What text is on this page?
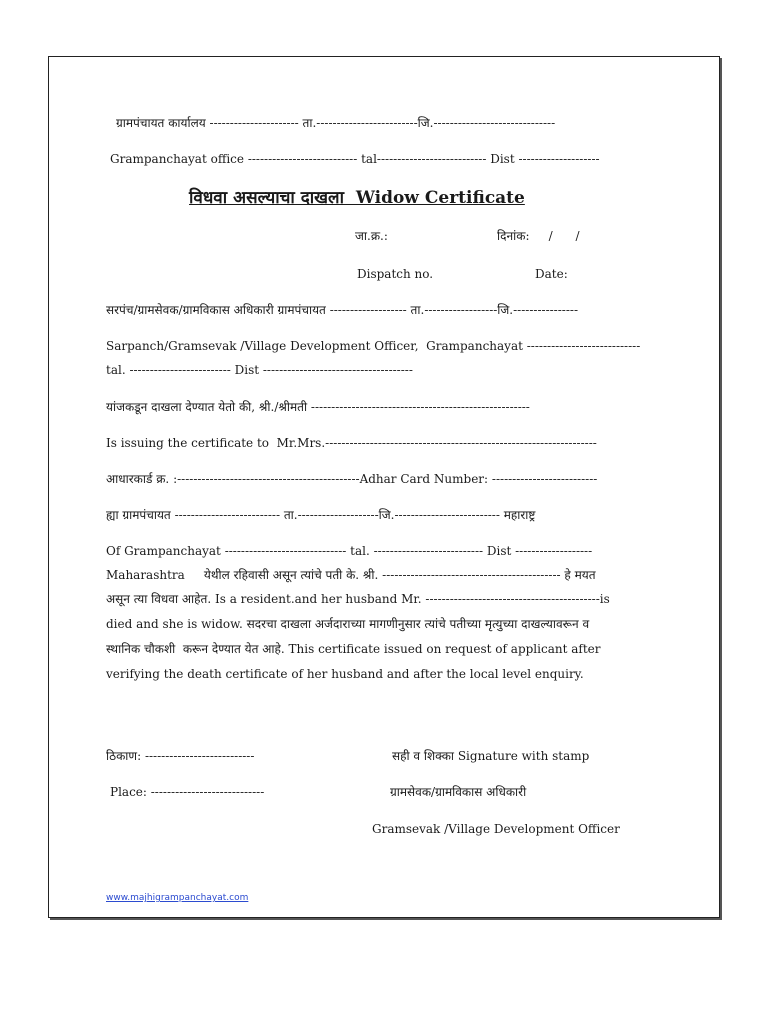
ग्रामपंचायत कार्यालय ---------------------- ता.-------------------------जि.------------------------------
Grampanchayat office --------------------------- tal--------------------------- Dist --------------------
विधवा असल्याचा दाखला  Widow Certificate
जा.क्र.:	दिनांक:     /      /
Dispatch no.	Date:
सरपंच/ग्रामसेवक/ग्रामविकास अधिकारी ग्रामपंचायत ------------------- ता.------------------जि.----------------
Sarpanch/Gramsevak /Village Development Officer,  Grampanchayat ----------------------------
tal. ------------------------- Dist -------------------------------------
यांजकडून दाखला देण्यात येतो की, श्री./श्रीमती ------------------------------------------------------
Is issuing the certificate to  Mr.Mrs.-------------------------------------------------------------------
आधारकार्ड क्र. :---------------------------------------------Adhar Card Number: --------------------------
ह्या ग्रामपंचायत -------------------------- ता.--------------------जि.-------------------------- महाराष्ट्र
Of Grampanchayat ------------------------------ tal. --------------------------- Dist -------------------
Maharashtra     येथील रहिवासी असून त्यांचे पती के. श्री. -------------------------------------------- हे मयत
असून त्या विधवा आहेत. Is a resident.and her husband Mr. -------------------------------------------is
died and she is widow. सदरचा दाखला अर्जदाराच्या मागणीनुसार त्यांचे पतीच्या मृत्युच्या दाखल्यावरून व
स्थानिक चौकशी  करून देण्यात येत आहे. This certificate issued on request of applicant after
verifying the death certificate of her husband and after the local level enquiry.
ठिकाण: ---------------------------	सही व शिक्का Signature with stamp
Place: ----------------------------	ग्रामसेवक/ग्रामविकास अधिकारी
Gramsevak /Village Development Officer
www.majhigrampanchayat.com
